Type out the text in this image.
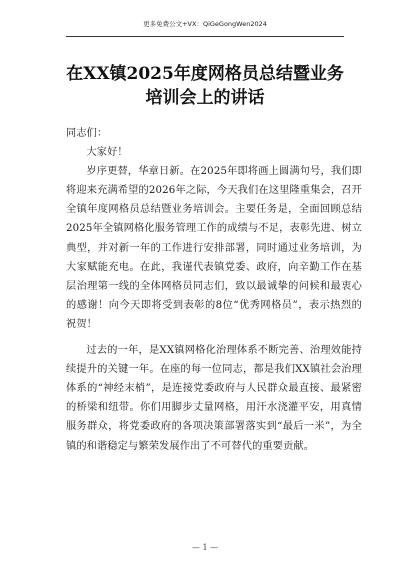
更多免费公文+VX：QiGeGongWen2024
在XX镇2025年度网格员总结暨业务培训会上的讲话

同志们：

大家好！

岁序更替，华章日新。在2025年即将画上圆满句号，我们即将迎来充满希望的2026年之际，今天我们在这里隆重集会，召开全镇年度网格员总结暨业务培训会。主要任务是，全面回顾总结2025年全镇网格化服务管理工作的成绩与不足，表彰先进、树立典型，并对新一年的工作进行安排部署，同时通过业务培训，为大家赋能充电。在此，我谨代表镇党委、政府，向辛勤工作在基层治理第一线的全体网格员同志们，致以最诚挚的问候和最衷心的感谢！向今天即将受到表彰的8位“优秀网格员”，表示热烈的祝贺！

过去的一年，是XX镇网格化治理体系不断完善、治理效能持续提升的关键一年。在座的每一位同志，都是我们XX镇社会治理体系的“神经末梢”，是连接党委政府与人民群众最直接、最紧密的桥梁和纽带。你们用脚步丈量网格，用汗水浇灌平安，用真情服务群众，将党委政府的各项决策部署落实到“最后一米”，为全镇的和谐稳定与繁荣发展作出了不可替代的重要贡献。

— 1 —
